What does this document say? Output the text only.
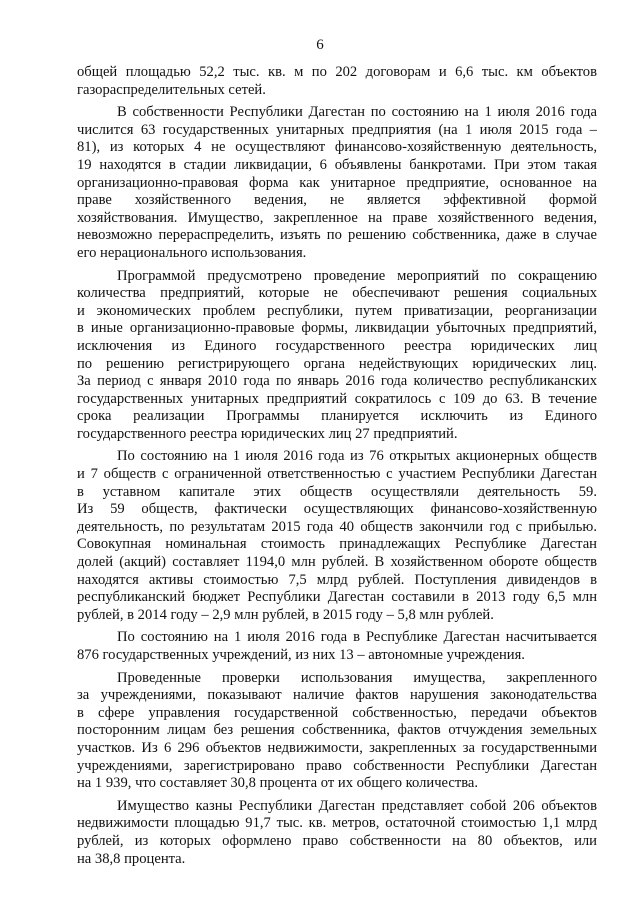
6

общей площадью 52,2 тыс. кв. м по 202 договорам и 6,6 тыс. км объектов
газораспределительных сетей.

В собственности Республики Дагестан по состоянию на 1 июля 2016 года
числится 63 государственных унитарных предприятия (на 1 июля 2015 года –
81), из которых 4 не осуществляют финансово-хозяйственную деятельность,
19 находятся в стадии ликвидации, 6 объявлены банкротами. При этом такая
организационно-правовая форма как унитарное предприятие, основанное на
праве хозяйственного ведения, не является эффективной формой
хозяйствования. Имущество, закрепленное на праве хозяйственного ведения,
невозможно перераспределить, изъять по решению собственника, даже в случае
его нерационального использования.

Программой предусмотрено проведение мероприятий по сокращению
количества предприятий, которые не обеспечивают решения социальных
и экономических проблем республики, путем приватизации, реорганизации
в иные организационно-правовые формы, ликвидации убыточных предприятий,
исключения из Единого государственного реестра юридических лиц
по решению регистрирующего органа недействующих юридических лиц.
За период с января 2010 года по январь 2016 года количество республиканских
государственных унитарных предприятий сократилось с 109 до 63. В течение
срока реализации Программы планируется исключить из Единого
государственного реестра юридических лиц 27 предприятий.

По состоянию на 1 июля 2016 года из 76 открытых акционерных обществ
и 7 обществ с ограниченной ответственностью с участием Республики Дагестан
в уставном капитале этих обществ осуществляли деятельность 59.
Из 59 обществ, фактически осуществляющих финансово-хозяйственную
деятельность, по результатам 2015 года 40 обществ закончили год с прибылью.
Совокупная номинальная стоимость принадлежащих Республике Дагестан
долей (акций) составляет 1194,0 млн рублей. В хозяйственном обороте обществ
находятся активы стоимостью 7,5 млрд рублей. Поступления дивидендов в
республиканский бюджет Республики Дагестан составили в 2013 году 6,5 млн
рублей, в 2014 году – 2,9 млн рублей, в 2015 году – 5,8 млн рублей.

По состоянию на 1 июля 2016 года в Республике Дагестан насчитывается
876 государственных учреждений, из них 13 – автономные учреждения.

Проведенные проверки использования имущества, закрепленного
за учреждениями, показывают наличие фактов нарушения законодательства
в сфере управления государственной собственностью, передачи объектов
посторонним лицам без решения собственника, фактов отчуждения земельных
участков. Из 6 296 объектов недвижимости, закрепленных за государственными
учреждениями, зарегистрировано право собственности Республики Дагестан
на 1 939, что составляет 30,8 процента от их общего количества.

Имущество казны Республики Дагестан представляет собой 206 объектов
недвижимости площадью 91,7 тыс. кв. метров, остаточной стоимостью 1,1 млрд
рублей, из которых оформлено право собственности на 80 объектов, или
на 38,8 процента.
